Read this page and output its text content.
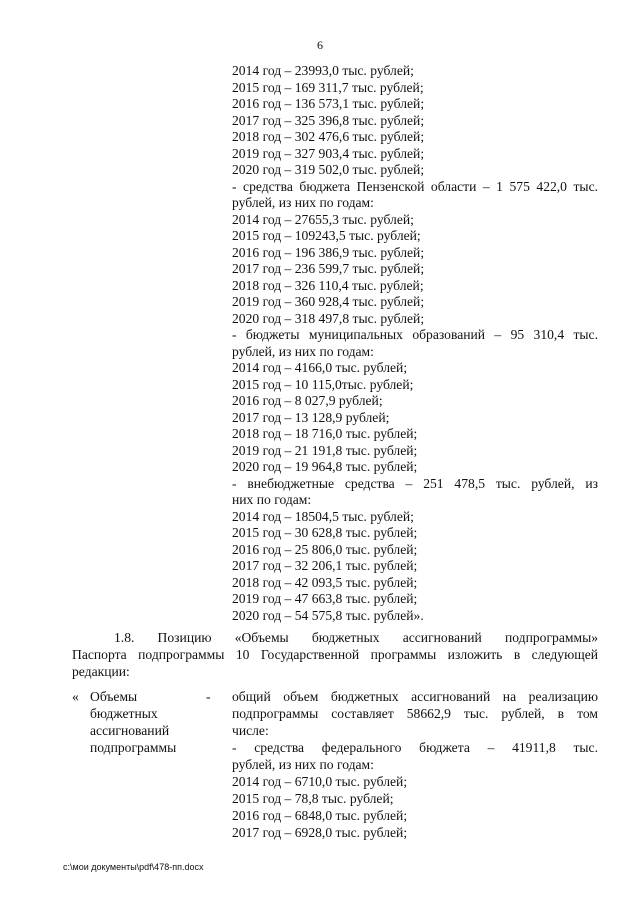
6
2014 год – 23993,0 тыс. рублей;
2015 год – 169 311,7 тыс. рублей;
2016 год – 136 573,1 тыс. рублей;
2017 год – 325 396,8 тыс. рублей;
2018 год – 302 476,6 тыс. рублей;
2019 год – 327 903,4 тыс. рублей;
2020 год – 319 502,0 тыс. рублей;
- средства бюджета Пензенской области – 1 575 422,0 тыс.
рублей, из них по годам:
2014 год – 27655,3 тыс. рублей;
2015 год – 109243,5 тыс. рублей;
2016 год – 196 386,9 тыс. рублей;
2017 год – 236 599,7 тыс. рублей;
2018 год – 326 110,4 тыс. рублей;
2019 год – 360 928,4 тыс. рублей;
2020 год – 318 497,8 тыс. рублей;
- бюджеты муниципальных образований – 95 310,4 тыс.
рублей, из них по годам:
2014 год – 4166,0 тыс. рублей;
2015 год – 10 115,0тыс. рублей;
2016 год – 8 027,9 рублей;
2017 год – 13 128,9 рублей;
2018 год – 18 716,0 тыс. рублей;
2019 год – 21 191,8 тыс. рублей;
2020 год – 19 964,8 тыс. рублей;
- внебюджетные средства – 251 478,5 тыс. рублей, из
них по годам:
2014 год – 18504,5 тыс. рублей;
2015 год – 30 628,8 тыс. рублей;
2016 год – 25 806,0 тыс. рублей;
2017 год – 32 206,1 тыс. рублей;
2018 год – 42 093,5 тыс. рублей;
2019 год – 47 663,8 тыс. рублей;
2020 год – 54 575,8 тыс. рублей».
1.8. Позицию «Объемы бюджетных ассигнований подпрограммы»
Паспорта подпрограммы 10 Государственной программы изложить в следующей
редакции:
« Объемы
бюджетных
ассигнований
подпрограммы
- общий объем бюджетных ассигнований на реализацию
подпрограммы составляет 58662,9 тыс. рублей, в том
числе:
- средства федерального бюджета – 41911,8 тыс.
рублей, из них по годам:
2014 год – 6710,0 тыс. рублей;
2015 год – 78,8 тыс. рублей;
2016 год – 6848,0 тыс. рублей;
2017 год – 6928,0 тыс. рублей;
c:\мои документы\pdf\478-пп.docx
